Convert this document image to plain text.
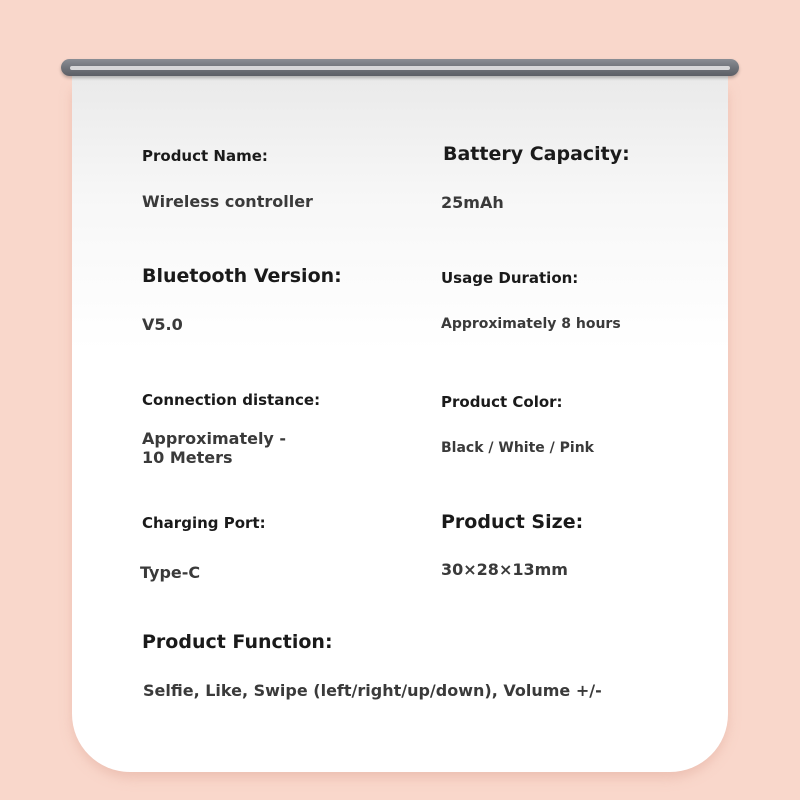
Product Name:
Wireless controller
Battery Capacity:
25mAh
Bluetooth Version:
V5.0
Usage Duration:
Approximately 8 hours
Connection distance:
Approximately -
10 Meters
Product Color:
Black / White / Pink
Charging Port:
Type-C
Product Size:
30×28×13mm
Product Function:
Selfie, Like, Swipe (left/right/up/down), Volume +/-
